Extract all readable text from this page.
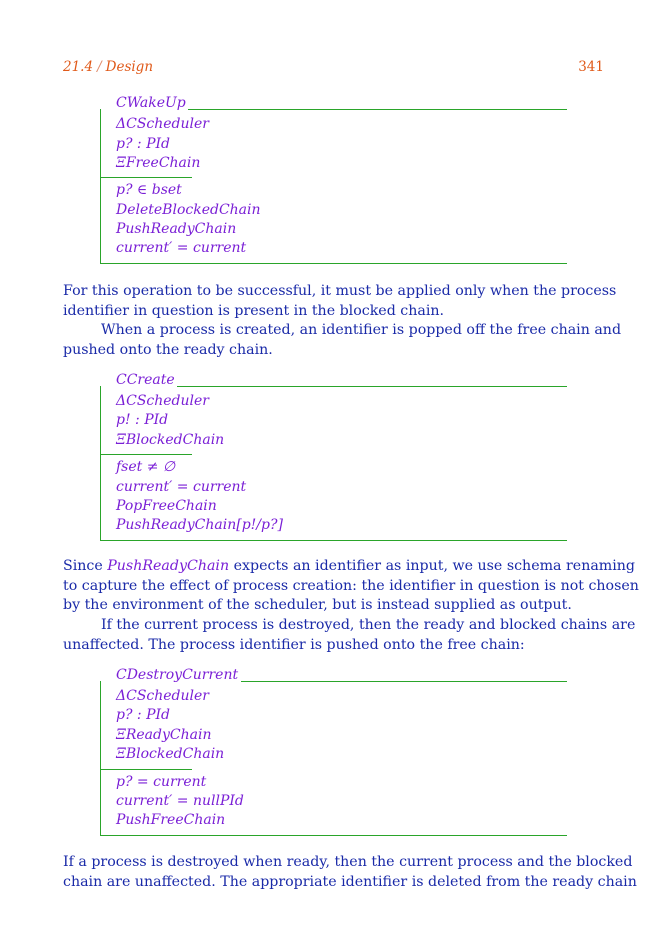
21.4 / Design	341
CWakeUp
ΔCScheduler
p? : PId
ΞFreeChain
p? ∈ bset
DeleteBlockedChain
PushReadyChain
current′ = current
For this operation to be successful, it must be applied only when the process
identifier in question is present in the blocked chain.
When a process is created, an identifier is popped off the free chain and
pushed onto the ready chain.
CCreate
ΔCScheduler
p! : PId
ΞBlockedChain
fset ≠ ∅
current′ = current
PopFreeChain
PushReadyChain[p!/p?]
Since PushReadyChain expects an identifier as input, we use schema renaming
to capture the effect of process creation: the identifier in question is not chosen
by the environment of the scheduler, but is instead supplied as output.
If the current process is destroyed, then the ready and blocked chains are
unaffected. The process identifier is pushed onto the free chain:
CDestroyCurrent
ΔCScheduler
p? : PId
ΞReadyChain
ΞBlockedChain
p? = current
current′ = nullPId
PushFreeChain
If a process is destroyed when ready, then the current process and the blocked
chain are unaffected. The appropriate identifier is deleted from the ready chain
